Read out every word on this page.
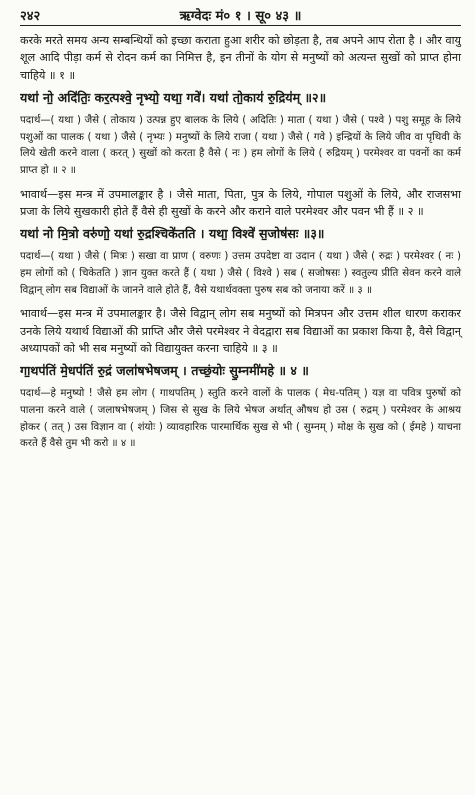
२४२	ऋग्वेदः मं० १ । सू० ४३ ॥

करके मरते समय अन्य सम्बन्धियों को इच्छा कराता हुआ शरीर को छोड़ता है, तब अपने आप रोता है । और वायु शूल आदि पीड़ा कर्म से रोदन कर्म का निमित्त है, इन तीनों के योग से मनुष्यों को अत्यन्त सुखों को प्राप्त होना चाहिये ॥ १ ॥

यथा॑ नो॒ अदि॑तिः॒ कर॒त्पश्वे॒ नृभ्यो॒ यथा॒ गवे॑। यथा॑ तो॒काय॑ रु॒द्रिय॑म् ॥२॥

पदार्थ—( यथा ) जैसे ( तोकाय ) उत्पन्न हुए बालक के लिये ( अदितिः ) माता ( यथा ) जैसे ( पश्वे ) पशु समूह के लिये पशुओं का पालक ( यथा ) जैसे ( नृभ्यः ) मनुष्यों के लिये राजा ( यथा ) जैसे ( गवे ) इन्द्रियों के लिये जीव वा पृथिवी के लिये खेती करने वाला ( करत् ) सुखों को करता है वैसे ( नः ) हम लोगों के लिये ( रुद्रियम् ) परमेश्वर वा पवनों का कर्म प्राप्त हो ॥ २ ॥

भावार्थ—इस मन्त्र में उपमालङ्कार है । जैसे माता, पिता, पुत्र के लिये, गोपाल पशुओं के लिये, और राजसभा प्रजा के लिये सुखकारी होते हैं वैसे ही सुखों के करने और कराने वाले परमेश्वर और पवन भी हैं ॥ २ ॥

यथा॑ नो मि॒त्रो वरु॑णो॒ यथा॑ रु॒द्रश्चिके॑तति । यथा॒ विश्वे॑ स॒जोष॑सः ॥३॥

पदार्थ—( यथा ) जैसे ( मित्रः ) सखा वा प्राण ( वरुणः ) उत्तम उपदेष्टा वा उदान ( यथा ) जैसे ( रुद्रः ) परमेश्वर ( नः ) हम लोगों को ( चिकेतति ) ज्ञान युक्त करते हैं ( यथा ) जैसे ( विश्वे ) सब ( सजोषसः ) स्वतुल्य प्रीति सेवन करने वाले विद्वान् लोग सब विद्याओं के जानने वाले होते हैं, वैसे यथार्थवक्ता पुरुष सब को जनाया करें ॥ ३ ॥

भावार्थ—इस मन्त्र में उपमालङ्कार है। जैसे विद्वान् लोग सब मनुष्यों को मित्रपन और उत्तम शील धारण कराकर उनके लिये यथार्थ विद्याओं की प्राप्ति और जैसे परमेश्वर ने वेदद्वारा सब विद्याओं का प्रकाश किया है, वैसे विद्वान् अध्यापकों को भी सब मनुष्यों को विद्यायुक्त करना चाहिये ॥ ३ ॥

गा॒थप॑तिं मे॒धप॑तिं रु॒द्रं जला॑षभेषजम् । तच्छं॒योः सु॒म्नमी॑महे ॥ ४ ॥

पदार्थ—हे मनुष्यो ! जैसे हम लोग ( गाथपतिम् ) स्तुति करने वालों के पालक ( मेध-पतिम् ) यज्ञ वा पवित्र पुरुषों को पालना करने वाले ( जलाषभेषजम् ) जिस से सुख के लिये भेषज अर्थात् औषध हो उस ( रुद्रम् ) परमेश्वर के आश्रय होकर ( तत् ) उस विज्ञान वा ( शंयोः ) व्यावहारिक पारमार्थिक सुख से भी ( सुम्नम् ) मोक्ष के सुख को ( ईमहे ) याचना करते हैं वैसे तुम भी करो ॥ ४ ॥
